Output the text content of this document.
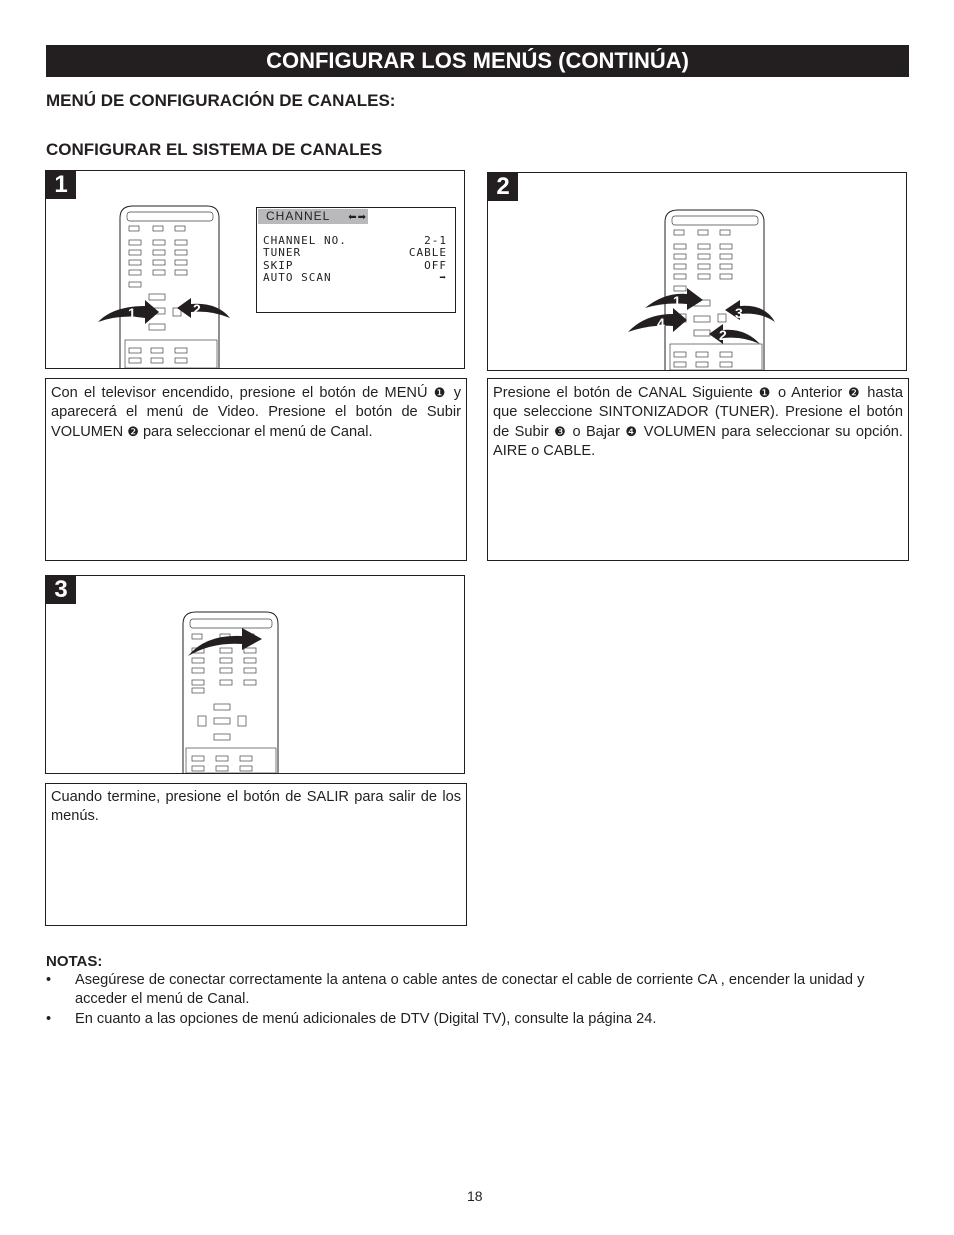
CONFIGURAR LOS MENÚS (CONTINÚA)
MENÚ DE CONFIGURACIÓN DE CANALES:
CONFIGURAR EL SISTEMA DE CANALES
1
1	2
CHANNEL ⬅➡
CHANNEL NO.	2-1
TUNER	CABLE
SKIP	OFF
AUTO SCAN	➡
2
1
4
3
2
Con el televisor encendido, presione el botón de MENÚ ❶ y aparecerá el menú de Video. Presione el botón de Subir VOLUMEN ❷ para seleccionar el menú de Canal.
Presione el botón de CANAL Siguiente ❶ o Anterior ❷ hasta que seleccione SINTONIZADOR (TUNER). Presione el botón de Subir ❸ o Bajar ❹ VOLUMEN para seleccionar su opción. AIRE o CABLE.
3
Cuando termine, presione el botón de SALIR para salir de los menús.
NOTAS:
• Asegúrese de conectar correctamente la antena o cable antes de conectar el cable de corriente CA , encender la unidad y acceder el menú de Canal.
• En cuanto a las opciones de menú adicionales de DTV (Digital TV), consulte la página 24.
18
